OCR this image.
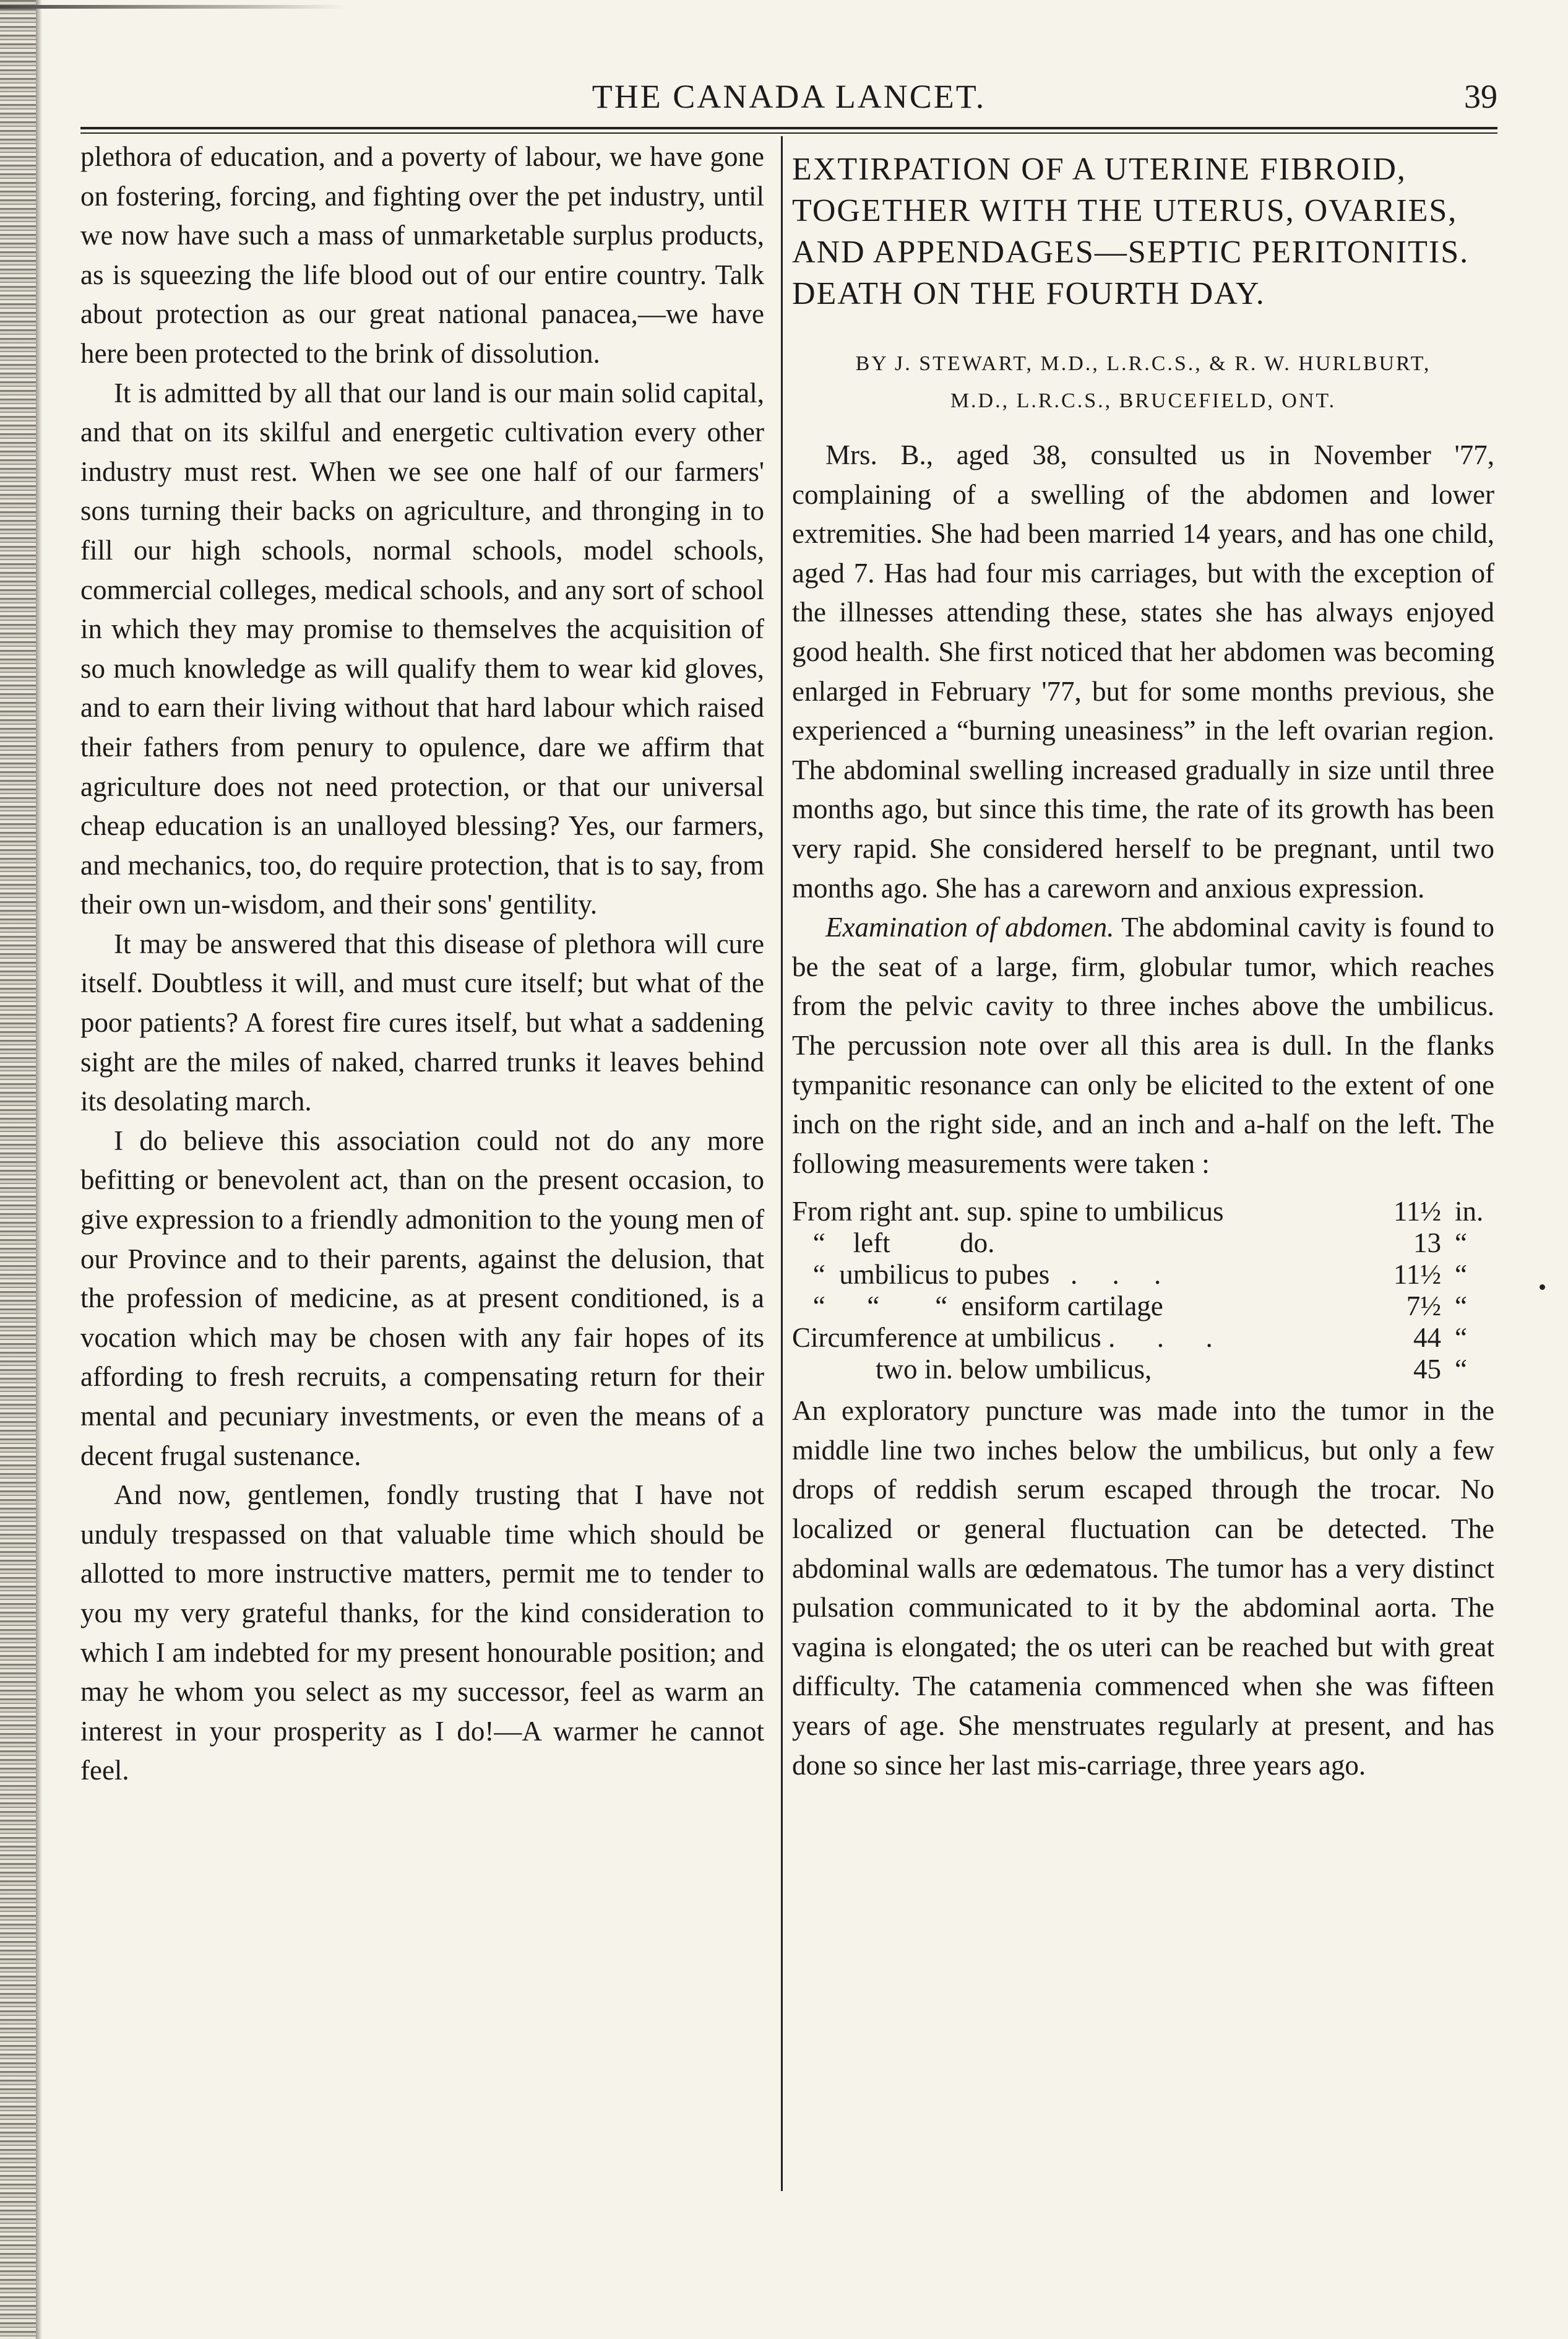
THE CANADA LANCET.	39

plethora of education, and a poverty of labour, we have gone on fostering, forcing, and fighting over the pet industry, until we now have such a mass of unmarketable surplus products, as is squeezing the life blood out of our entire country. Talk about protection as our great national panacea,—we have here been protected to the brink of dissolution.

It is admitted by all that our land is our main solid capital, and that on its skilful and energetic cultivation every other industry must rest. When we see one half of our farmers' sons turning their backs on agriculture, and thronging in to fill our high schools, normal schools, model schools, commercial colleges, medical schools, and any sort of school in which they may promise to themselves the acquisition of so much knowledge as will qualify them to wear kid gloves, and to earn their living without that hard labour which raised their fathers from penury to opulence, dare we affirm that agriculture does not need protection, or that our universal cheap education is an unalloyed blessing? Yes, our farmers, and mechanics, too, do require protection, that is to say, from their own un-wisdom, and their sons' gentility.

It may be answered that this disease of plethora will cure itself. Doubtless it will, and must cure itself; but what of the poor patients? A forest fire cures itself, but what a saddening sight are the miles of naked, charred trunks it leaves behind its desolating march.

I do believe this association could not do any more befitting or benevolent act, than on the present occasion, to give expression to a friendly admonition to the young men of our Province and to their parents, against the delusion, that the profession of medicine, as at present conditioned, is a vocation which may be chosen with any fair hopes of its affording to fresh recruits, a compensating return for their mental and pecuniary investments, or even the means of a decent frugal sustenance.

And now, gentlemen, fondly trusting that I have not unduly trespassed on that valuable time which should be allotted to more instructive matters, permit me to tender to you my very grateful thanks, for the kind consideration to which I am indebted for my present honourable position; and may he whom you select as my successor, feel as warm an interest in your prosperity as I do!—A warmer he cannot feel.

EXTIRPATION OF A UTERINE FIBROID, TOGETHER WITH THE UTERUS, OVARIES, AND APPENDAGES—SEPTIC PERITONITIS. DEATH ON THE FOURTH DAY.
BY J. STEWART, M.D., L.R.C.S., & R. W. HURLBURT,
M.D., L.R.C.S., BRUCEFIELD, ONT.

Mrs. B., aged 38, consulted us in November '77, complaining of a swelling of the abdomen and lower extremities. She had been married 14 years, and has one child, aged 7. Has had four mis carriages, but with the exception of the illnesses attending these, states she has always enjoyed good health. She first noticed that her abdomen was becoming enlarged in February '77, but for some months previous, she experienced a “burning uneasiness” in the left ovarian region. The abdominal swelling increased gradually in size until three months ago, but since this time, the rate of its growth has been very rapid. She considered herself to be pregnant, until two months ago. She has a careworn and anxious expression.

Examination of abdomen. The abdominal cavity is found to be the seat of a large, firm, globular tumor, which reaches from the pelvic cavity to three inches above the umbilicus. The percussion note over all this area is dull. In the flanks tympanitic resonance can only be elicited to the extent of one inch on the right side, and an inch and a-half on the left. The following measurements were taken :

From right ant. sup. spine to umbilicus	11½	in.
“    left          do.	13	“
“  umbilicus to pubes   .     .     .	11½	“
“      “        “  ensiform cartilage	7½	“
Circumference at umbilicus .      .      .	44	“
two in. below umbilicus,	45	“

An exploratory puncture was made into the tumor in the middle line two inches below the umbilicus, but only a few drops of reddish serum escaped through the trocar. No localized or general fluctuation can be detected. The abdominal walls are œdematous. The tumor has a very distinct pulsation communicated to it by the abdominal aorta. The vagina is elongated; the os uteri can be reached but with great difficulty. The catamenia commenced when she was fifteen years of age. She menstruates regularly at present, and has done so since her last mis-carriage, three years ago.
